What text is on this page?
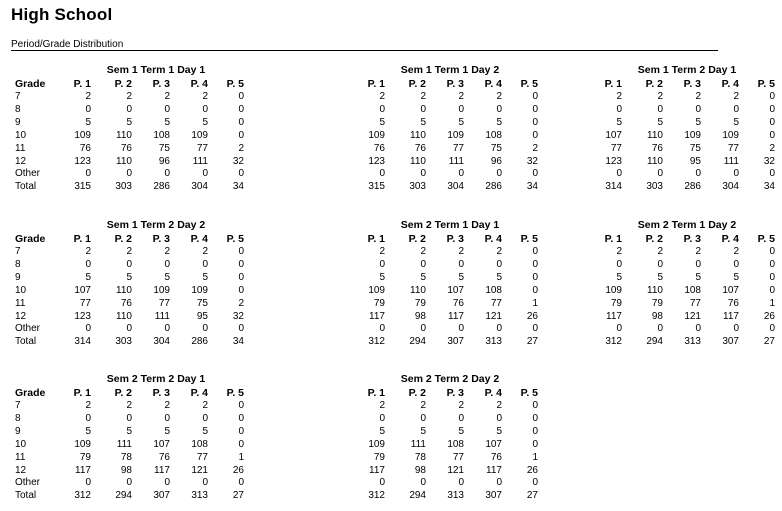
High School
Period/Grade Distribution
Sem 1 Term 1 Day 1
Grade	P. 1	P. 2	P. 3	P. 4	P. 5
7	2	2	2	2	0
8	0	0	0	0	0
9	5	5	5	5	0
10	109	110	108	109	0
11	76	76	75	77	2
12	123	110	96	111	32
Other	0	0	0	0	0
Total	315	303	286	304	34
Sem 1 Term 1 Day 2
P. 1	P. 2	P. 3	P. 4	P. 5
2	2	2	2	0
0	0	0	0	0
5	5	5	5	0
109	110	109	108	0
76	76	77	75	2
123	110	111	96	32
0	0	0	0	0
315	303	304	286	34
Sem 1 Term 2 Day 1
P. 1	P. 2	P. 3	P. 4	P. 5
2	2	2	2	0
0	0	0	0	0
5	5	5	5	0
107	110	109	109	0
77	76	75	77	2
123	110	95	111	32
0	0	0	0	0
314	303	286	304	34
Sem 1 Term 2 Day 2
Grade	P. 1	P. 2	P. 3	P. 4	P. 5
7	2	2	2	2	0
8	0	0	0	0	0
9	5	5	5	5	0
10	107	110	109	109	0
11	77	76	77	75	2
12	123	110	111	95	32
Other	0	0	0	0	0
Total	314	303	304	286	34
Sem 2 Term 1 Day 1
P. 1	P. 2	P. 3	P. 4	P. 5
2	2	2	2	0
0	0	0	0	0
5	5	5	5	0
109	110	107	108	0
79	79	76	77	1
117	98	117	121	26
0	0	0	0	0
312	294	307	313	27
Sem 2 Term 1 Day 2
P. 1	P. 2	P. 3	P. 4	P. 5
2	2	2	2	0
0	0	0	0	0
5	5	5	5	0
109	110	108	107	0
79	79	77	76	1
117	98	121	117	26
0	0	0	0	0
312	294	313	307	27
Sem 2 Term 2 Day 1
Grade	P. 1	P. 2	P. 3	P. 4	P. 5
7	2	2	2	2	0
8	0	0	0	0	0
9	5	5	5	5	0
10	109	111	107	108	0
11	79	78	76	77	1
12	117	98	117	121	26
Other	0	0	0	0	0
Total	312	294	307	313	27
Sem 2 Term 2 Day 2
P. 1	P. 2	P. 3	P. 4	P. 5
2	2	2	2	0
0	0	0	0	0
5	5	5	5	0
109	111	108	107	0
79	78	77	76	1
117	98	121	117	26
0	0	0	0	0
312	294	313	307	27
